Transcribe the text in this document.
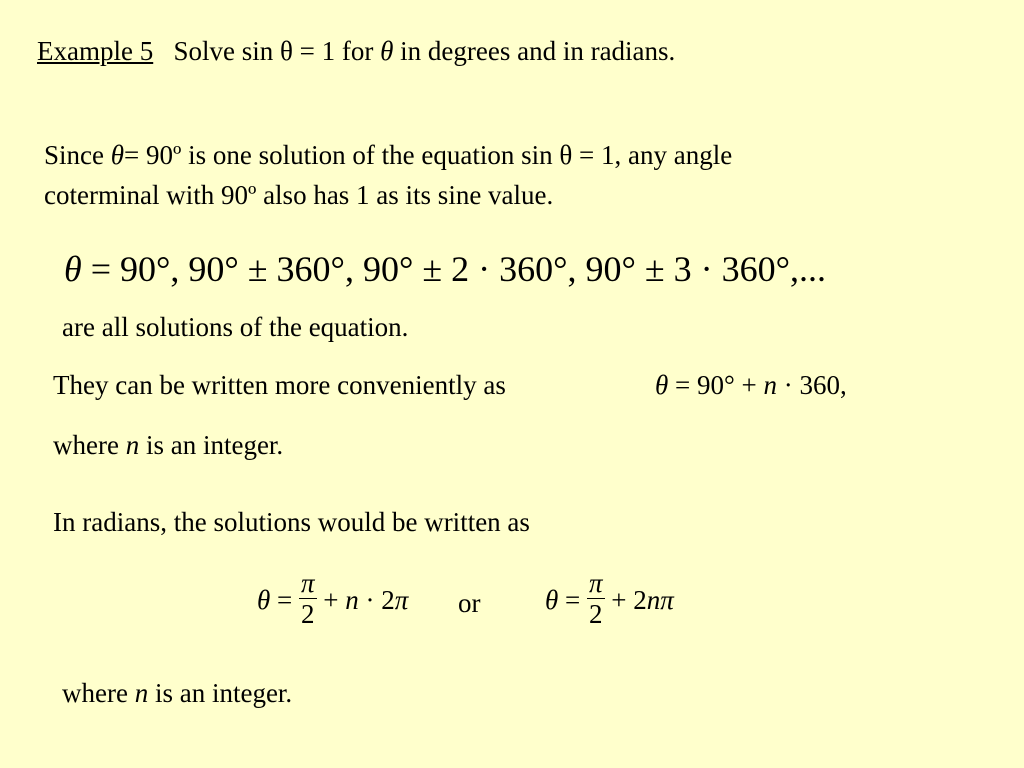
Example 5 Solve sin θ = 1 for θ in degrees and in radians.
Since θ= 90º is one solution of the equation sin θ = 1, any angle
coterminal with 90º also has 1 as its sine value.
θ = 90°, 90° ± 360°, 90° ± 2 · 360°, 90° ± 3 · 360°,...
are all solutions of the equation.
They can be written more conveniently as	θ = 90° + n · 360,
where n is an integer.
In radians, the solutions would be written as
$\theta = \frac{\pi}{2} + n \cdot 2\pi$ or $\theta = \frac{\pi}{2} + 2n\pi$
where n is an integer.
